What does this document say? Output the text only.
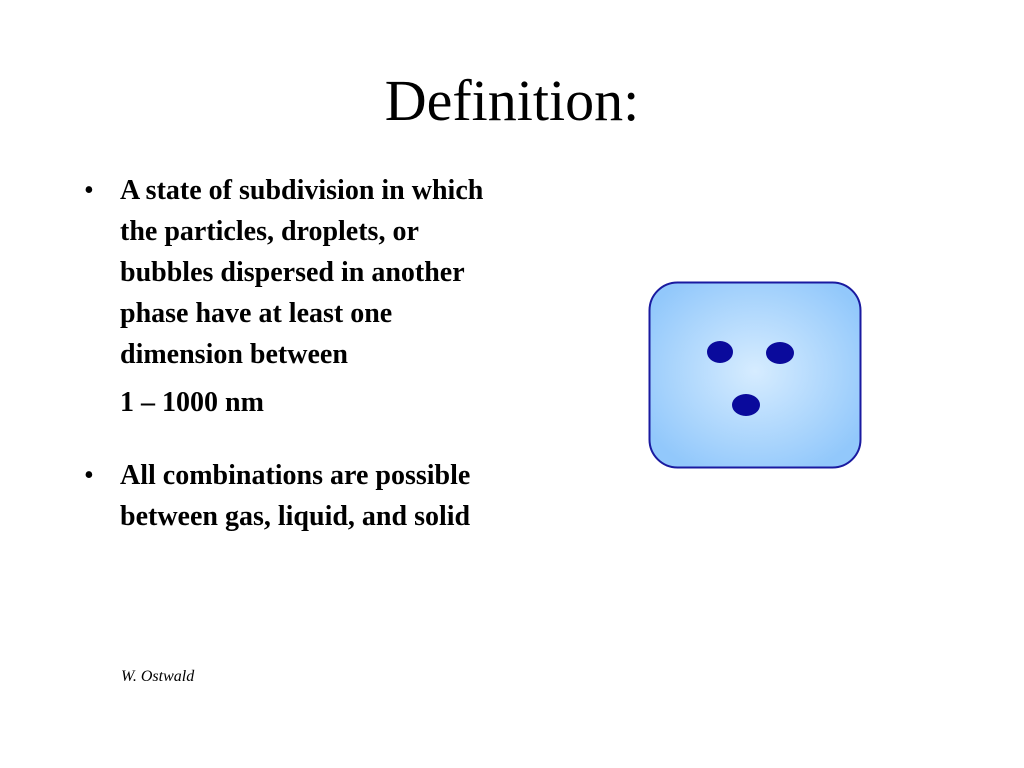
Definition:
• A state of subdivision in which the particles, droplets, or bubbles dispersed in another phase have at least one dimension between
1 – 1000 nm
• All combinations are possible between gas, liquid, and solid
W. Ostwald
